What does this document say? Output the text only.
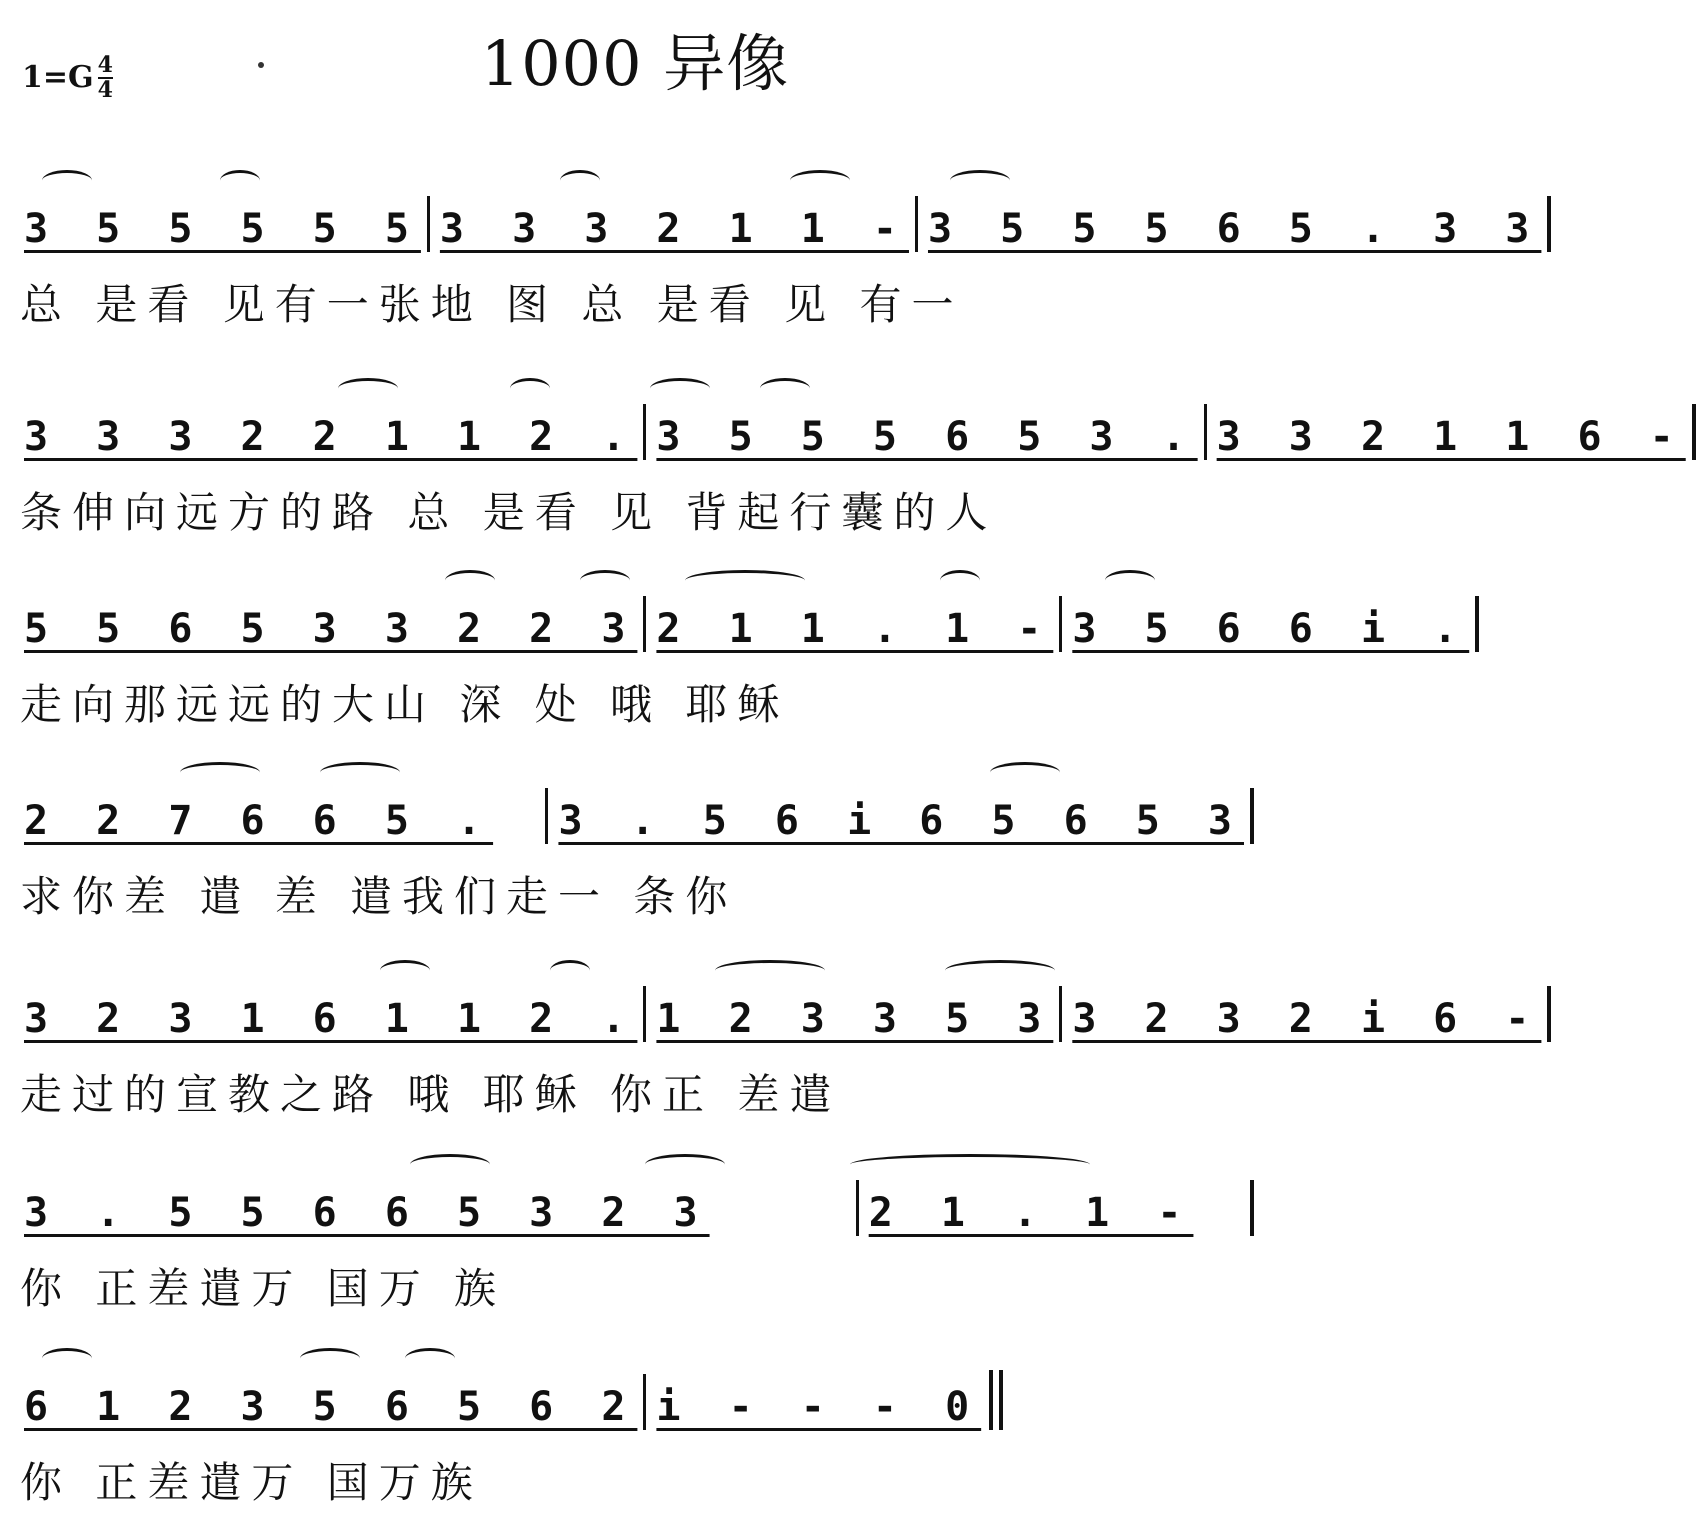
$1=G \frac{4}{4}$	1000 异像
3 5 5 5 5 5 3 3 3 2 1 1 - 3 5 5 5 6 5 . 3 3
总 是看 见有一张地 图 总 是看 见 有一
3 3 3 2 2 1 1 2 . 3 5 5 5 6 5 3 . 3 3 2 1 1 6 -
条伸向远方的路 总 是看 见 背起行囊的人
5 5 6 5 3 3 2 2 3 2 1 1 . 1 - 3 5 6 6 i .
走向那远远的大山 深 处 哦 耶稣
2 2 7 6 6 5 .	3 . 5 6 i 6 5 6 5 3
求你差 遣 差 遣我们走一 条你
3 2 3 1 6 1 1 2 . 1 2 3 3 5 3 3 2 3 2 i 6 -
走过的宣教之路 哦 耶稣 你正 差遣
3 . 5 5 6 6 5 3 2 3	2 1 . 1 -
你 正差遣万 国万 族
6 1 2 3 5 6 5 6 2 i - - - 0
你 正差遣万 国万族
